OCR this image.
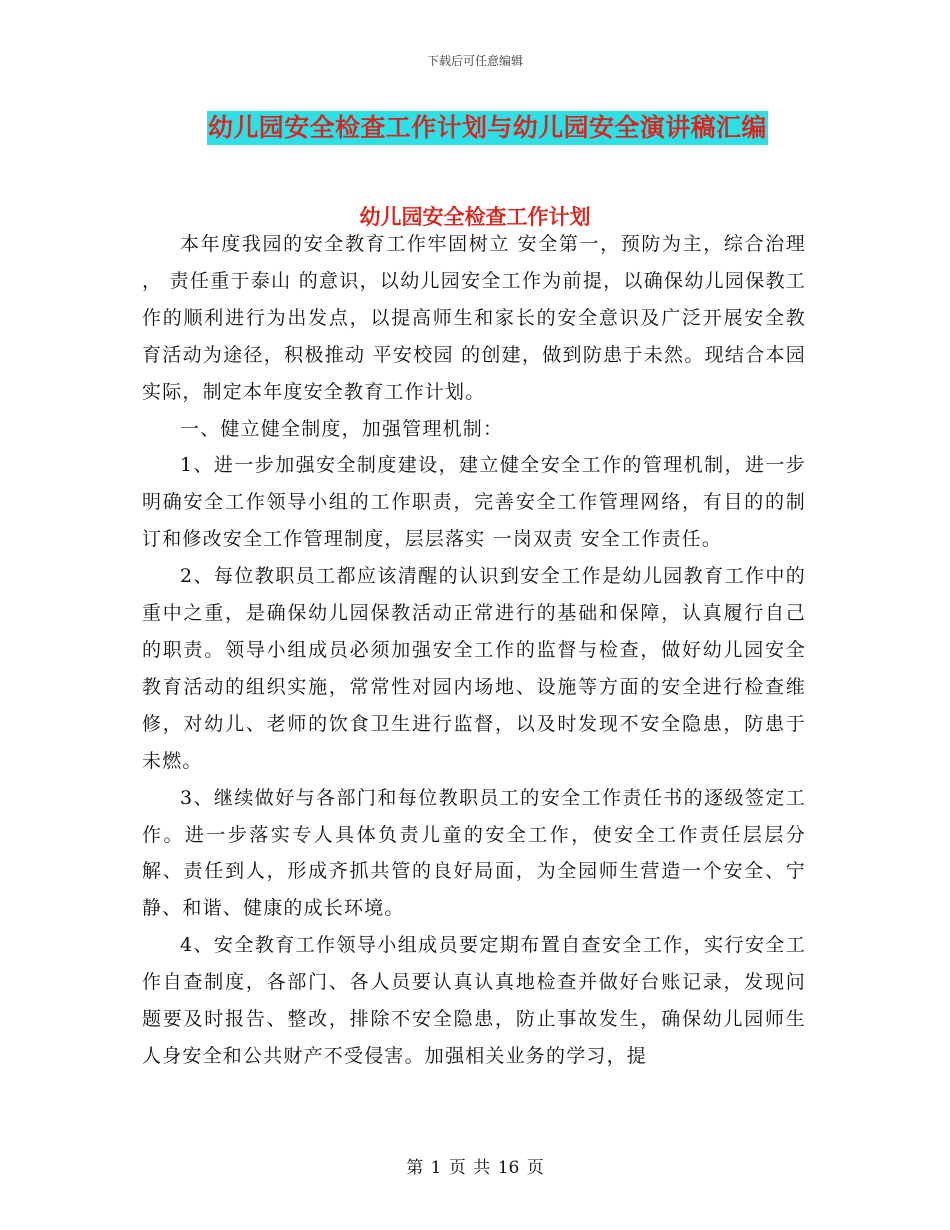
下载后可任意编辑
幼儿园安全检查工作计划与幼儿园安全演讲稿汇编
幼儿园安全检查工作计划

本年度我园的安全教育工作牢固树立 安全第一，预防为主，综合治理 ， 责任重于泰山 的意识，以幼儿园安全工作为前提，以确保幼儿园保教工作的顺利进行为出发点，以提高师生和家长的安全意识及广泛开展安全教育活动为途径，积极推动 平安校园 的创建，做到防患于未然。现结合本园实际，制定本年度安全教育工作计划。

一、健立健全制度，加强管理机制：

1、进一步加强安全制度建设，建立健全安全工作的管理机制，进一步明确安全工作领导小组的工作职责，完善安全工作管理网络，有目的的制订和修改安全工作管理制度，层层落实 一岗双责 安全工作责任。

2、每位教职员工都应该清醒的认识到安全工作是幼儿园教育工作中的重中之重，是确保幼儿园保教活动正常进行的基础和保障，认真履行自己的职责。领导小组成员必须加强安全工作的监督与检查，做好幼儿园安全教育活动的组织实施，常常性对园内场地、设施等方面的安全进行检查维修，对幼儿、老师的饮食卫生进行监督，以及时发现不安全隐患，防患于未燃。

3、继续做好与各部门和每位教职员工的安全工作责任书的逐级签定工作。进一步落实专人具体负责儿童的安全工作，使安全工作责任层层分解、责任到人，形成齐抓共管的良好局面，为全园师生营造一个安全、宁静、和谐、健康的成长环境。

4、安全教育工作领导小组成员要定期布置自查安全工作，实行安全工作自查制度，各部门、各人员要认真认真地检查并做好台账记录，发现问题要及时报告、整改，排除不安全隐患，防止事故发生，确保幼儿园师生人身安全和公共财产不受侵害。加强相关业务的学习，提

第 1 页 共 16 页
